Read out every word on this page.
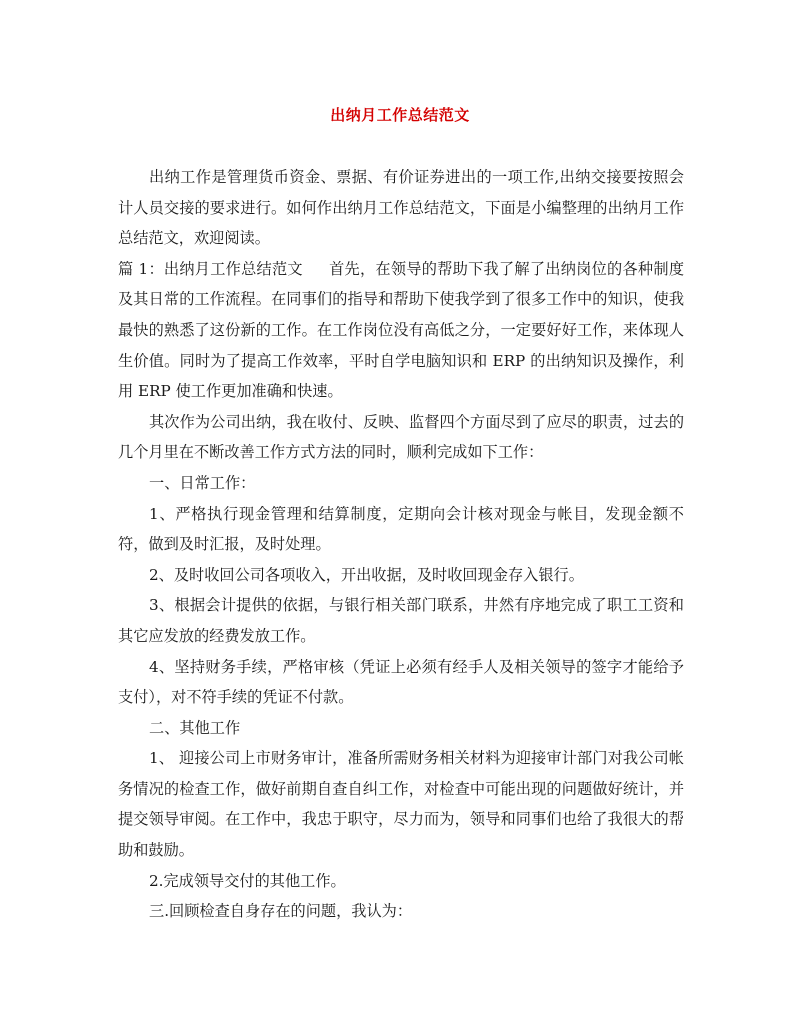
出纳月工作总结范文

出纳工作是管理货币资金、票据、有价证券进出的一项工作,出纳交接要按照会计人员交接的要求进行。如何作出纳月工作总结范文，下面是小编整理的出纳月工作总结范文，欢迎阅读。

篇 1：出纳月工作总结范文 首先，在领导的帮助下我了解了出纳岗位的各种制度及其日常的工作流程。在同事们的指导和帮助下使我学到了很多工作中的知识，使我最快的熟悉了这份新的工作。在工作岗位没有高低之分，一定要好好工作，来体现人生价值。同时为了提高工作效率，平时自学电脑知识和 ERP 的出纳知识及操作，利用 ERP 使工作更加准确和快速。

其次作为公司出纳，我在收付、反映、监督四个方面尽到了应尽的职责，过去的几个月里在不断改善工作方式方法的同时，顺利完成如下工作：

一、日常工作：

1、严格执行现金管理和结算制度，定期向会计核对现金与帐目，发现金额不符，做到及时汇报，及时处理。

2、及时收回公司各项收入，开出收据，及时收回现金存入银行。

3、根据会计提供的依据，与银行相关部门联系，井然有序地完成了职工工资和其它应发放的经费发放工作。

4、坚持财务手续，严格审核（凭证上必须有经手人及相关领导的签字才能给予支付），对不符手续的凭证不付款。

二、其他工作

1、 迎接公司上市财务审计，准备所需财务相关材料为迎接审计部门对我公司帐务情况的检查工作，做好前期自查自纠工作，对检查中可能出现的问题做好统计，并提交领导审阅。在工作中，我忠于职守，尽力而为，领导和同事们也给了我很大的帮助和鼓励。

2.完成领导交付的其他工作。

三.回顾检查自身存在的问题，我认为：
